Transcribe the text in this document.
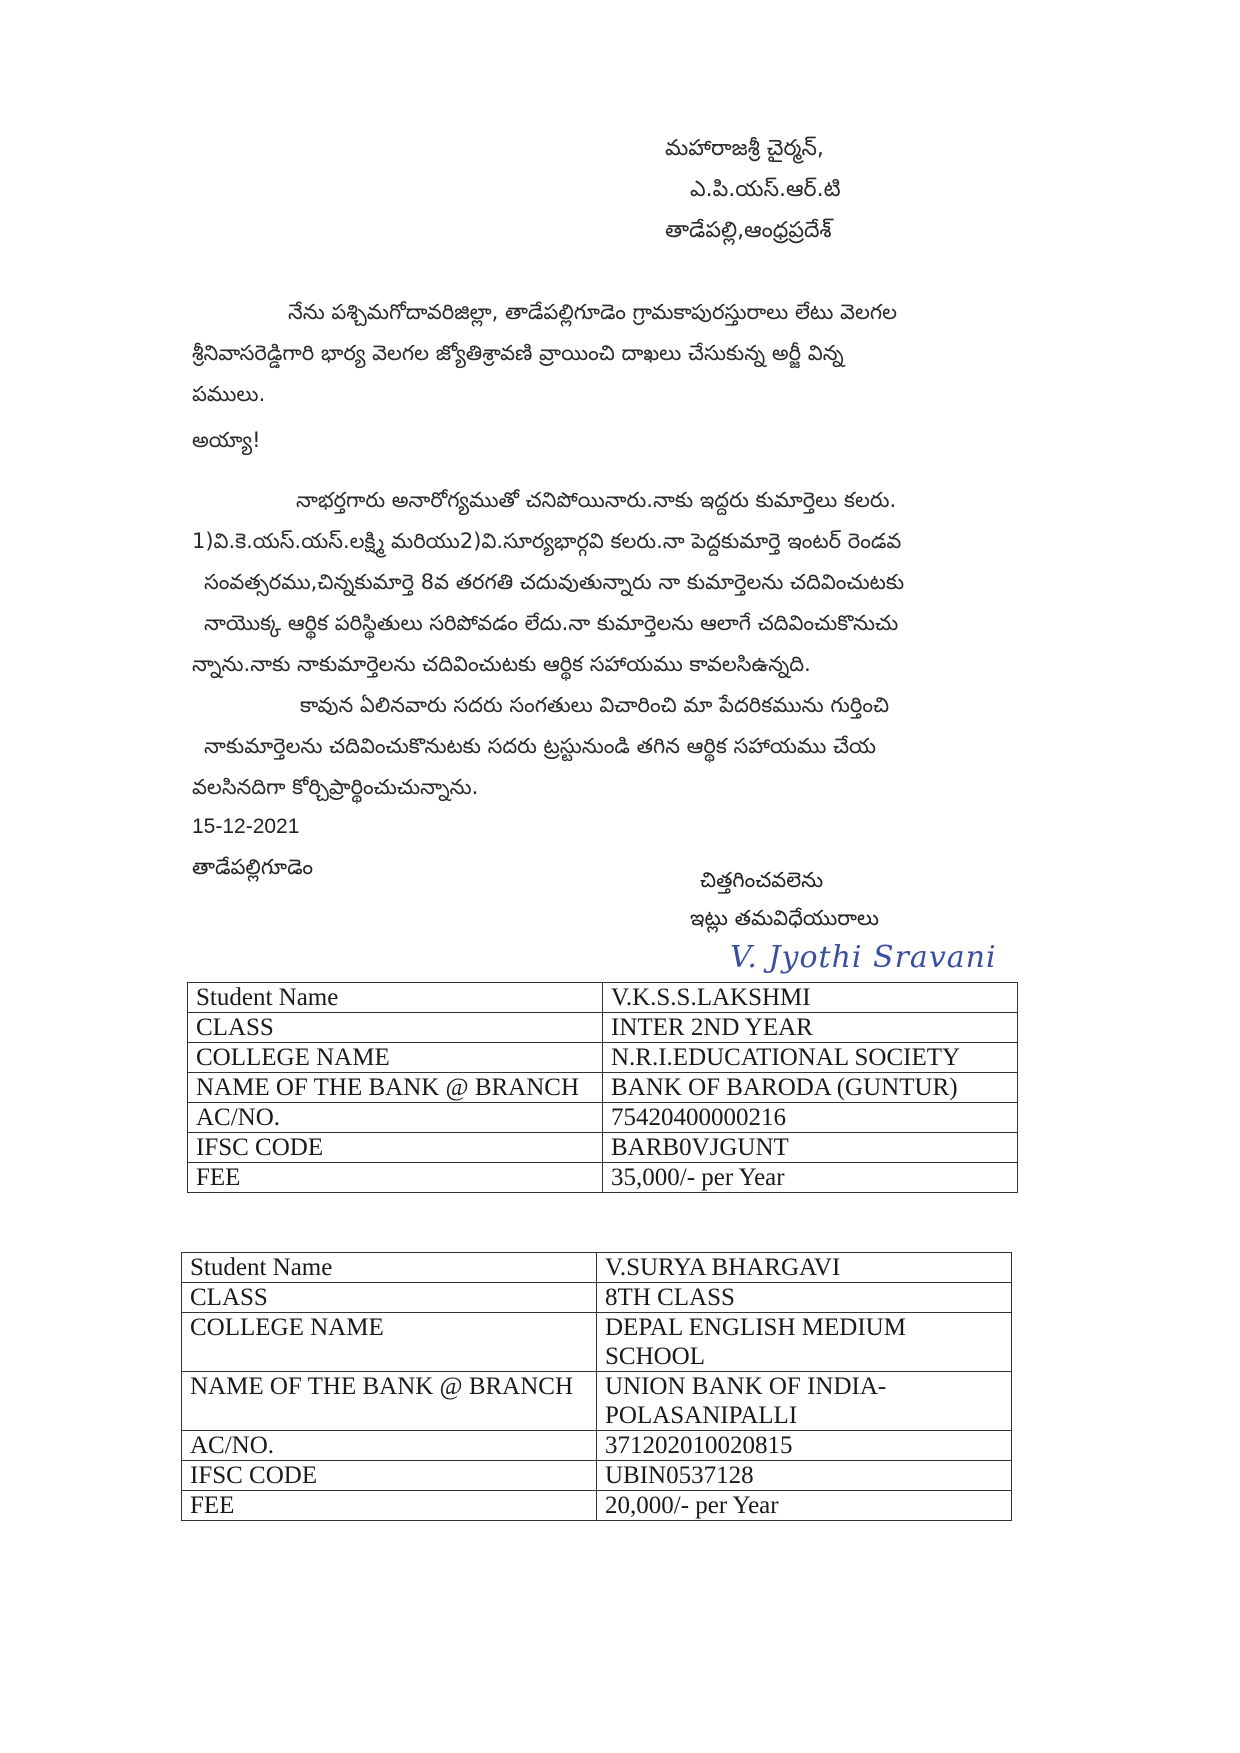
మహారాజశ్రీ చైర్మన్,
ఎ.పి.యస్.ఆర్.టి
తాడేపల్లి,ఆంధ్రప్రదేశ్
నేను పశ్చిమగోదావరిజిల్లా, తాడేపల్లిగూడెం గ్రామకాపురస్తురాలు లేటు వెలగల
శ్రీనివాసరెడ్డిగారి భార్య వెలగల జ్యోతిశ్రావణి వ్రాయించి దాఖలు చేసుకున్న అర్జీ విన్న
పములు.
అయ్యా!
నాభర్తగారు అనారోగ్యముతో చనిపోయినారు.నాకు ఇద్దరు కుమార్తెలు కలరు.
1)వి.కె.యస్.యస్.లక్ష్మి మరియు2)వి.సూర్యభార్గవి కలరు.నా పెద్దకుమార్తె ఇంటర్ రెండవ
సంవత్సరము,చిన్నకుమార్తె 8వ తరగతి చదువుతున్నారు నా కుమార్తెలను చదివించుటకు
నాయొక్క ఆర్థిక పరిస్థితులు సరిపోవడం లేదు.నా కుమార్తెలను ఆలాగే చదివించుకొనుచు
న్నాను.నాకు నాకుమార్తెలను చదివించుటకు ఆర్థిక సహాయము కావలసిఉన్నది.
కావున ఏలినవారు సదరు సంగతులు విచారించి మా పేదరికమును గుర్తించి
నాకుమార్తెలను చదివించుకొనుటకు సదరు ట్రస్టునుండి తగిన ఆర్థిక సహాయము చేయ
వలసినదిగా కోర్చిప్రార్థించుచున్నాను.
15-12-2021
తాడేపల్లిగూడెం
చిత్తగించవలెను
ఇట్లు తమవిధేయురాలు
V. Jyothi Sravani
Student Name	V.K.S.S.LAKSHMI
CLASS	INTER 2ND YEAR
COLLEGE NAME	N.R.I.EDUCATIONAL SOCIETY
NAME OF THE BANK @ BRANCH	BANK OF BARODA (GUNTUR)
AC/NO.	75420400000216
IFSC CODE	BARB0VJGUNT
FEE	35,000/- per Year
Student Name	V.SURYA BHARGAVI
CLASS	8TH CLASS
COLLEGE NAME	DEPAL ENGLISH MEDIUM
SCHOOL
NAME OF THE BANK @ BRANCH	UNION BANK OF INDIA-
POLASANIPALLI
AC/NO.	371202010020815
IFSC CODE	UBIN0537128
FEE	20,000/- per Year
